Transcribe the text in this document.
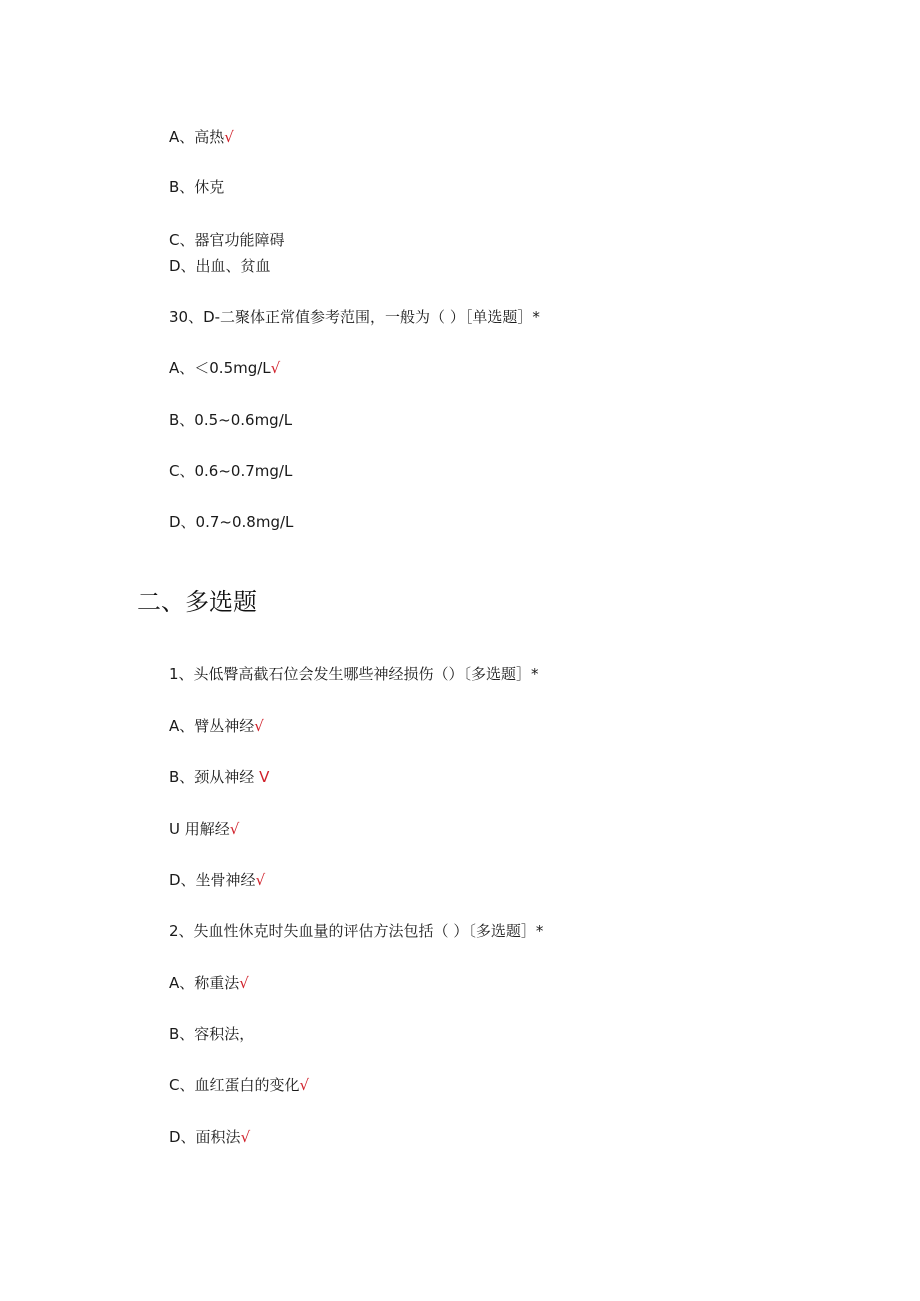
A、高热√
B、休克
C、器官功能障碍
D、出血、贫血
30、D-二聚体正常值参考范围，一般为（ ）［单选题］*
A、＜0.5mg/L√
B、0.5~0.6mg/L
C、0.6~0.7mg/L
D、0.7~0.8mg/L
二、多选题
1、头低臀高截石位会发生哪些神经损伤（）〔多选题］*
A、臂丛神经√
B、颈从神经 V
U 用解经√
D、坐骨神经√
2、失血性休克时失血量的评估方法包括（ ）〔多选题］*
A、称重法√
B、容积法，
C、血红蛋白的变化√
D、面积法√
